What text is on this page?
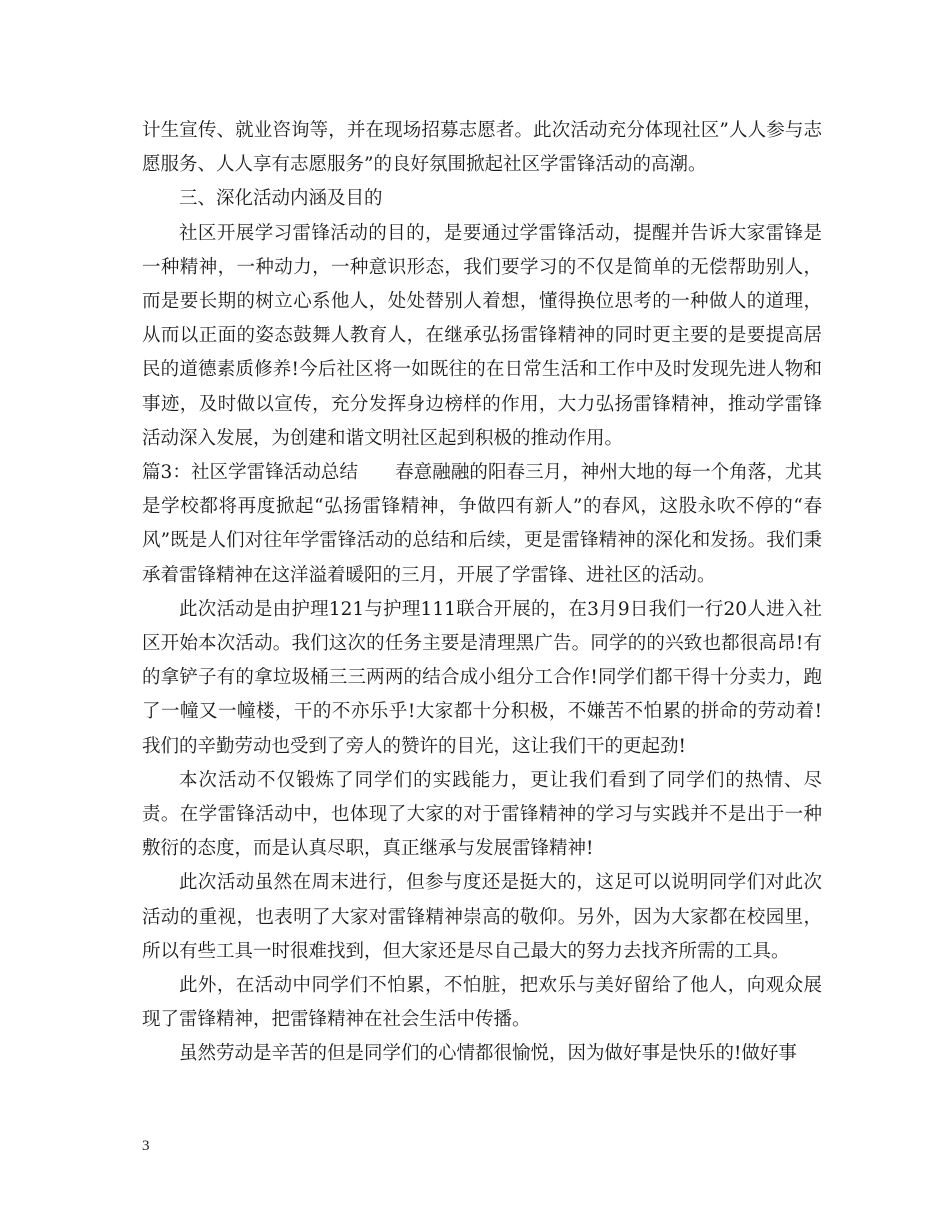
计生宣传、就业咨询等，并在现场招募志愿者。此次活动充分体现社区”人人参与志愿服务、人人享有志愿服务”的良好氛围掀起社区学雷锋活动的高潮。

三、深化活动内涵及目的

社区开展学习雷锋活动的目的，是要通过学雷锋活动，提醒并告诉大家雷锋是一种精神，一种动力，一种意识形态，我们要学习的不仅是简单的无偿帮助别人，而是要长期的树立心系他人，处处替别人着想，懂得换位思考的一种做人的道理，从而以正面的姿态鼓舞人教育人，在继承弘扬雷锋精神的同时更主要的是要提高居民的道德素质修养!今后社区将一如既往的在日常生活和工作中及时发现先进人物和事迹，及时做以宣传，充分发挥身边榜样的作用，大力弘扬雷锋精神，推动学雷锋活动深入发展，为创建和谐文明社区起到积极的推动作用。

篇3：社区学雷锋活动总结　　春意融融的阳春三月，神州大地的每一个角落，尤其是学校都将再度掀起“弘扬雷锋精神，争做四有新人”的春风，这股永吹不停的“春风”既是人们对往年学雷锋活动的总结和后续，更是雷锋精神的深化和发扬。我们秉承着雷锋精神在这洋溢着暖阳的三月，开展了学雷锋、进社区的活动。

此次活动是由护理121与护理111联合开展的，在3月9日我们一行20人进入社区开始本次活动。我们这次的任务主要是清理黑广告。同学的的兴致也都很高昂!有的拿铲子有的拿垃圾桶三三两两的结合成小组分工合作!同学们都干得十分卖力，跑了一幢又一幢楼，干的不亦乐乎!大家都十分积极，不嫌苦不怕累的拼命的劳动着!我们的辛勤劳动也受到了旁人的赞许的目光，这让我们干的更起劲!

本次活动不仅锻炼了同学们的实践能力，更让我们看到了同学们的热情、尽责。在学雷锋活动中，也体现了大家的对于雷锋精神的学习与实践并不是出于一种敷衍的态度，而是认真尽职，真正继承与发展雷锋精神!

此次活动虽然在周末进行，但参与度还是挺大的，这足可以说明同学们对此次活动的重视，也表明了大家对雷锋精神崇高的敬仰。另外，因为大家都在校园里，所以有些工具一时很难找到，但大家还是尽自己最大的努力去找齐所需的工具。

此外，在活动中同学们不怕累，不怕脏，把欢乐与美好留给了他人，向观众展现了雷锋精神，把雷锋精神在社会生活中传播。

虽然劳动是辛苦的但是同学们的心情都很愉悦，因为做好事是快乐的!做好事

3
